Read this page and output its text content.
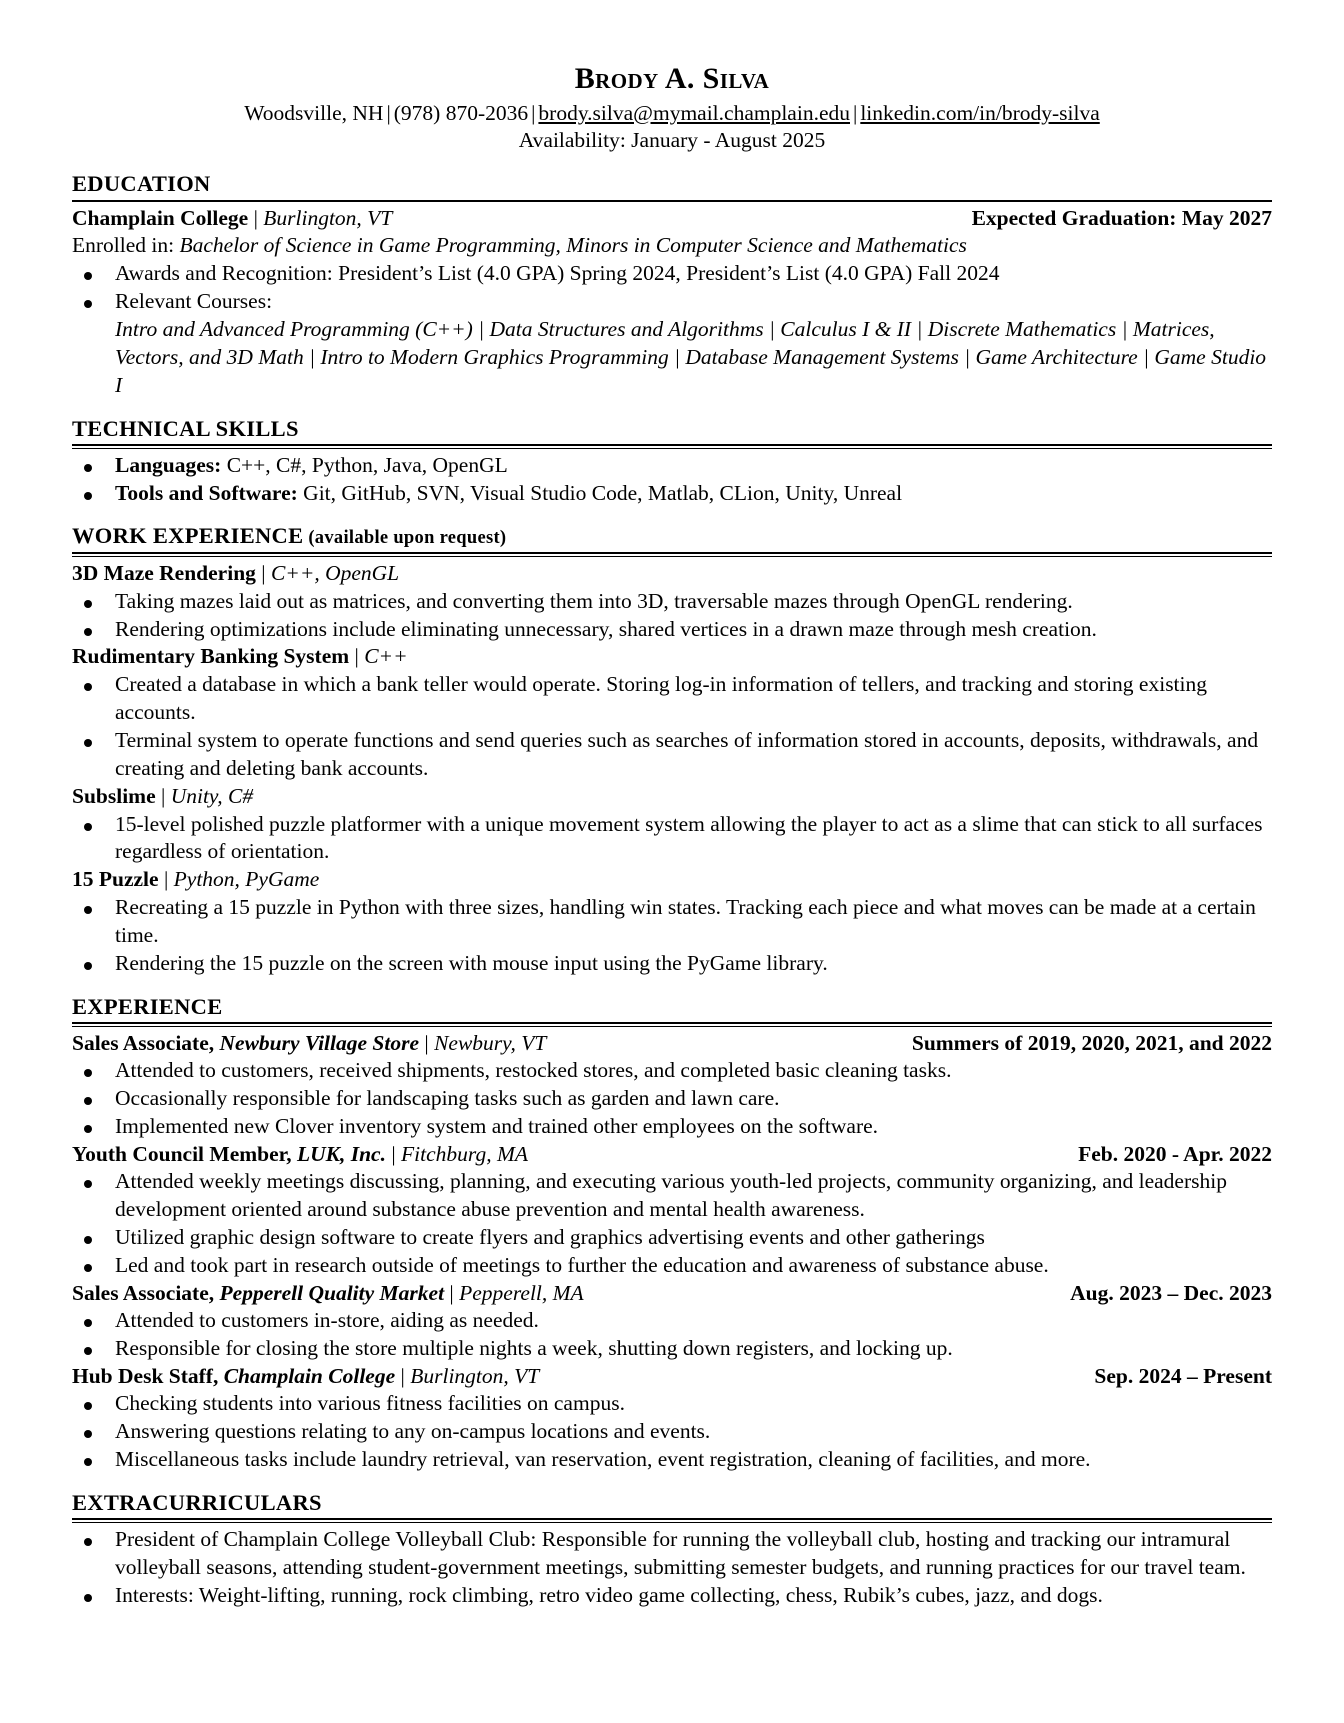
Brody A. Silva
Woodsville, NH | (978) 870-2036 | brody.silva@mymail.champlain.edu | linkedin.com/in/brody-silva
Availability: January - August 2025
EDUCATION
Champlain College | Burlington, VT	Expected Graduation: May 2027
Enrolled in: Bachelor of Science in Game Programming, Minors in Computer Science and Mathematics
Awards and Recognition: President’s List (4.0 GPA) Spring 2024, President’s List (4.0 GPA) Fall 2024
Relevant Courses:
Intro and Advanced Programming (C++) | Data Structures and Algorithms | Calculus I & II | Discrete Mathematics | Matrices, Vectors, and 3D Math | Intro to Modern Graphics Programming | Database Management Systems | Game Architecture | Game Studio I
TECHNICAL SKILLS
Languages: C++, C#, Python, Java, OpenGL
Tools and Software: Git, GitHub, SVN, Visual Studio Code, Matlab, CLion, Unity, Unreal
WORK EXPERIENCE (available upon request)
3D Maze Rendering | C++, OpenGL
Taking mazes laid out as matrices, and converting them into 3D, traversable mazes through OpenGL rendering.
Rendering optimizations include eliminating unnecessary, shared vertices in a drawn maze through mesh creation.
Rudimentary Banking System | C++
Created a database in which a bank teller would operate. Storing log-in information of tellers, and tracking and storing existing accounts.
Terminal system to operate functions and send queries such as searches of information stored in accounts, deposits, withdrawals, and creating and deleting bank accounts.
Subslime | Unity, C#
15-level polished puzzle platformer with a unique movement system allowing the player to act as a slime that can stick to all surfaces regardless of orientation.
15 Puzzle | Python, PyGame
Recreating a 15 puzzle in Python with three sizes, handling win states. Tracking each piece and what moves can be made at a certain time.
Rendering the 15 puzzle on the screen with mouse input using the PyGame library.
EXPERIENCE
Sales Associate, Newbury Village Store | Newbury, VT	Summers of 2019, 2020, 2021, and 2022
Attended to customers, received shipments, restocked stores, and completed basic cleaning tasks.
Occasionally responsible for landscaping tasks such as garden and lawn care.
Implemented new Clover inventory system and trained other employees on the software.
Youth Council Member, LUK, Inc. | Fitchburg, MA	Feb. 2020 - Apr. 2022
Attended weekly meetings discussing, planning, and executing various youth-led projects, community organizing, and leadership development oriented around substance abuse prevention and mental health awareness.
Utilized graphic design software to create flyers and graphics advertising events and other gatherings
Led and took part in research outside of meetings to further the education and awareness of substance abuse.
Sales Associate, Pepperell Quality Market | Pepperell, MA	Aug. 2023 – Dec. 2023
Attended to customers in-store, aiding as needed.
Responsible for closing the store multiple nights a week, shutting down registers, and locking up.
Hub Desk Staff, Champlain College | Burlington, VT	Sep. 2024 – Present
Checking students into various fitness facilities on campus.
Answering questions relating to any on-campus locations and events.
Miscellaneous tasks include laundry retrieval, van reservation, event registration, cleaning of facilities, and more.
EXTRACURRICULARS
President of Champlain College Volleyball Club: Responsible for running the volleyball club, hosting and tracking our intramural volleyball seasons, attending student-government meetings, submitting semester budgets, and running practices for our travel team.
Interests: Weight-lifting, running, rock climbing, retro video game collecting, chess, Rubik’s cubes, jazz, and dogs.
